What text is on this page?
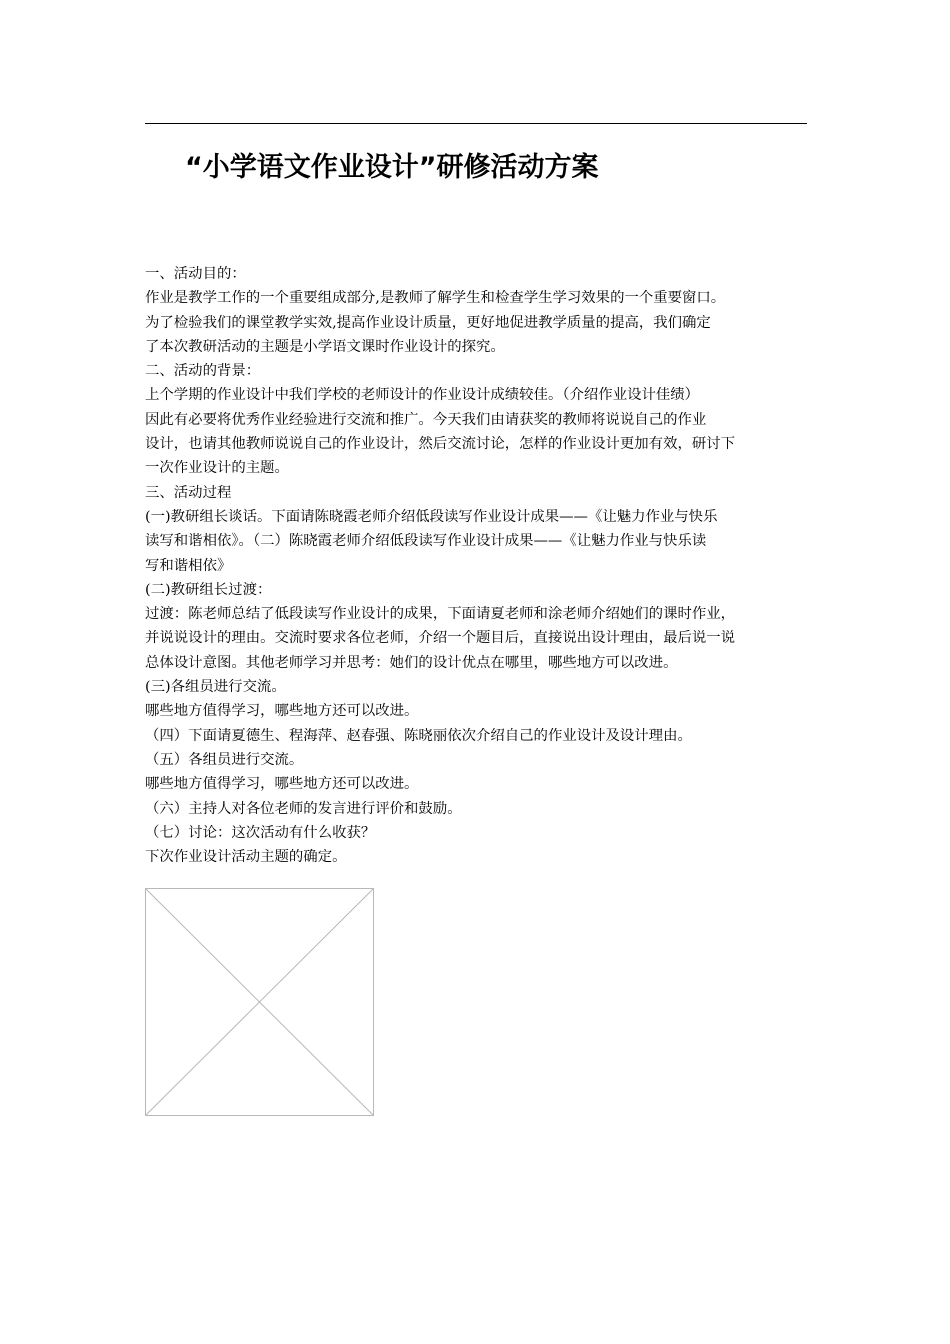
“小学语文作业设计”研修活动方案
一、活动目的：
作业是教学工作的一个重要组成部分,是教师了解学生和检查学生学习效果的一个重要窗口。
为了检验我们的课堂教学实效,提高作业设计质量，更好地促进教学质量的提高，我们确定
了本次教研活动的主题是小学语文课时作业设计的探究。
二、活动的背景：
上个学期的作业设计中我们学校的老师设计的作业设计成绩较佳。（介绍作业设计佳绩）
因此有必要将优秀作业经验进行交流和推广。今天我们由请获奖的教师将说说自己的作业
设计，也请其他教师说说自己的作业设计，然后交流讨论，怎样的作业设计更加有效，研讨下
一次作业设计的主题。
三、活动过程
(一)教研组长谈话。下面请陈晓霞老师介绍低段读写作业设计成果——《让魅力作业与快乐
读写和谐相依》。（二）陈晓霞老师介绍低段读写作业设计成果——《让魅力作业与快乐读
写和谐相依》
(二)教研组长过渡：
过渡：陈老师总结了低段读写作业设计的成果，下面请夏老师和涂老师介绍她们的课时作业，
并说说设计的理由。交流时要求各位老师，介绍一个题目后，直接说出设计理由，最后说一说
总体设计意图。其他老师学习并思考：她们的设计优点在哪里，哪些地方可以改进。
(三)各组员进行交流。
哪些地方值得学习，哪些地方还可以改进。
（四）下面请夏德生、程海萍、赵春强、陈晓丽依次介绍自己的作业设计及设计理由。
（五）各组员进行交流。
哪些地方值得学习，哪些地方还可以改进。
（六）主持人对各位老师的发言进行评价和鼓励。
（七）讨论：这次活动有什么收获？
下次作业设计活动主题的确定。
